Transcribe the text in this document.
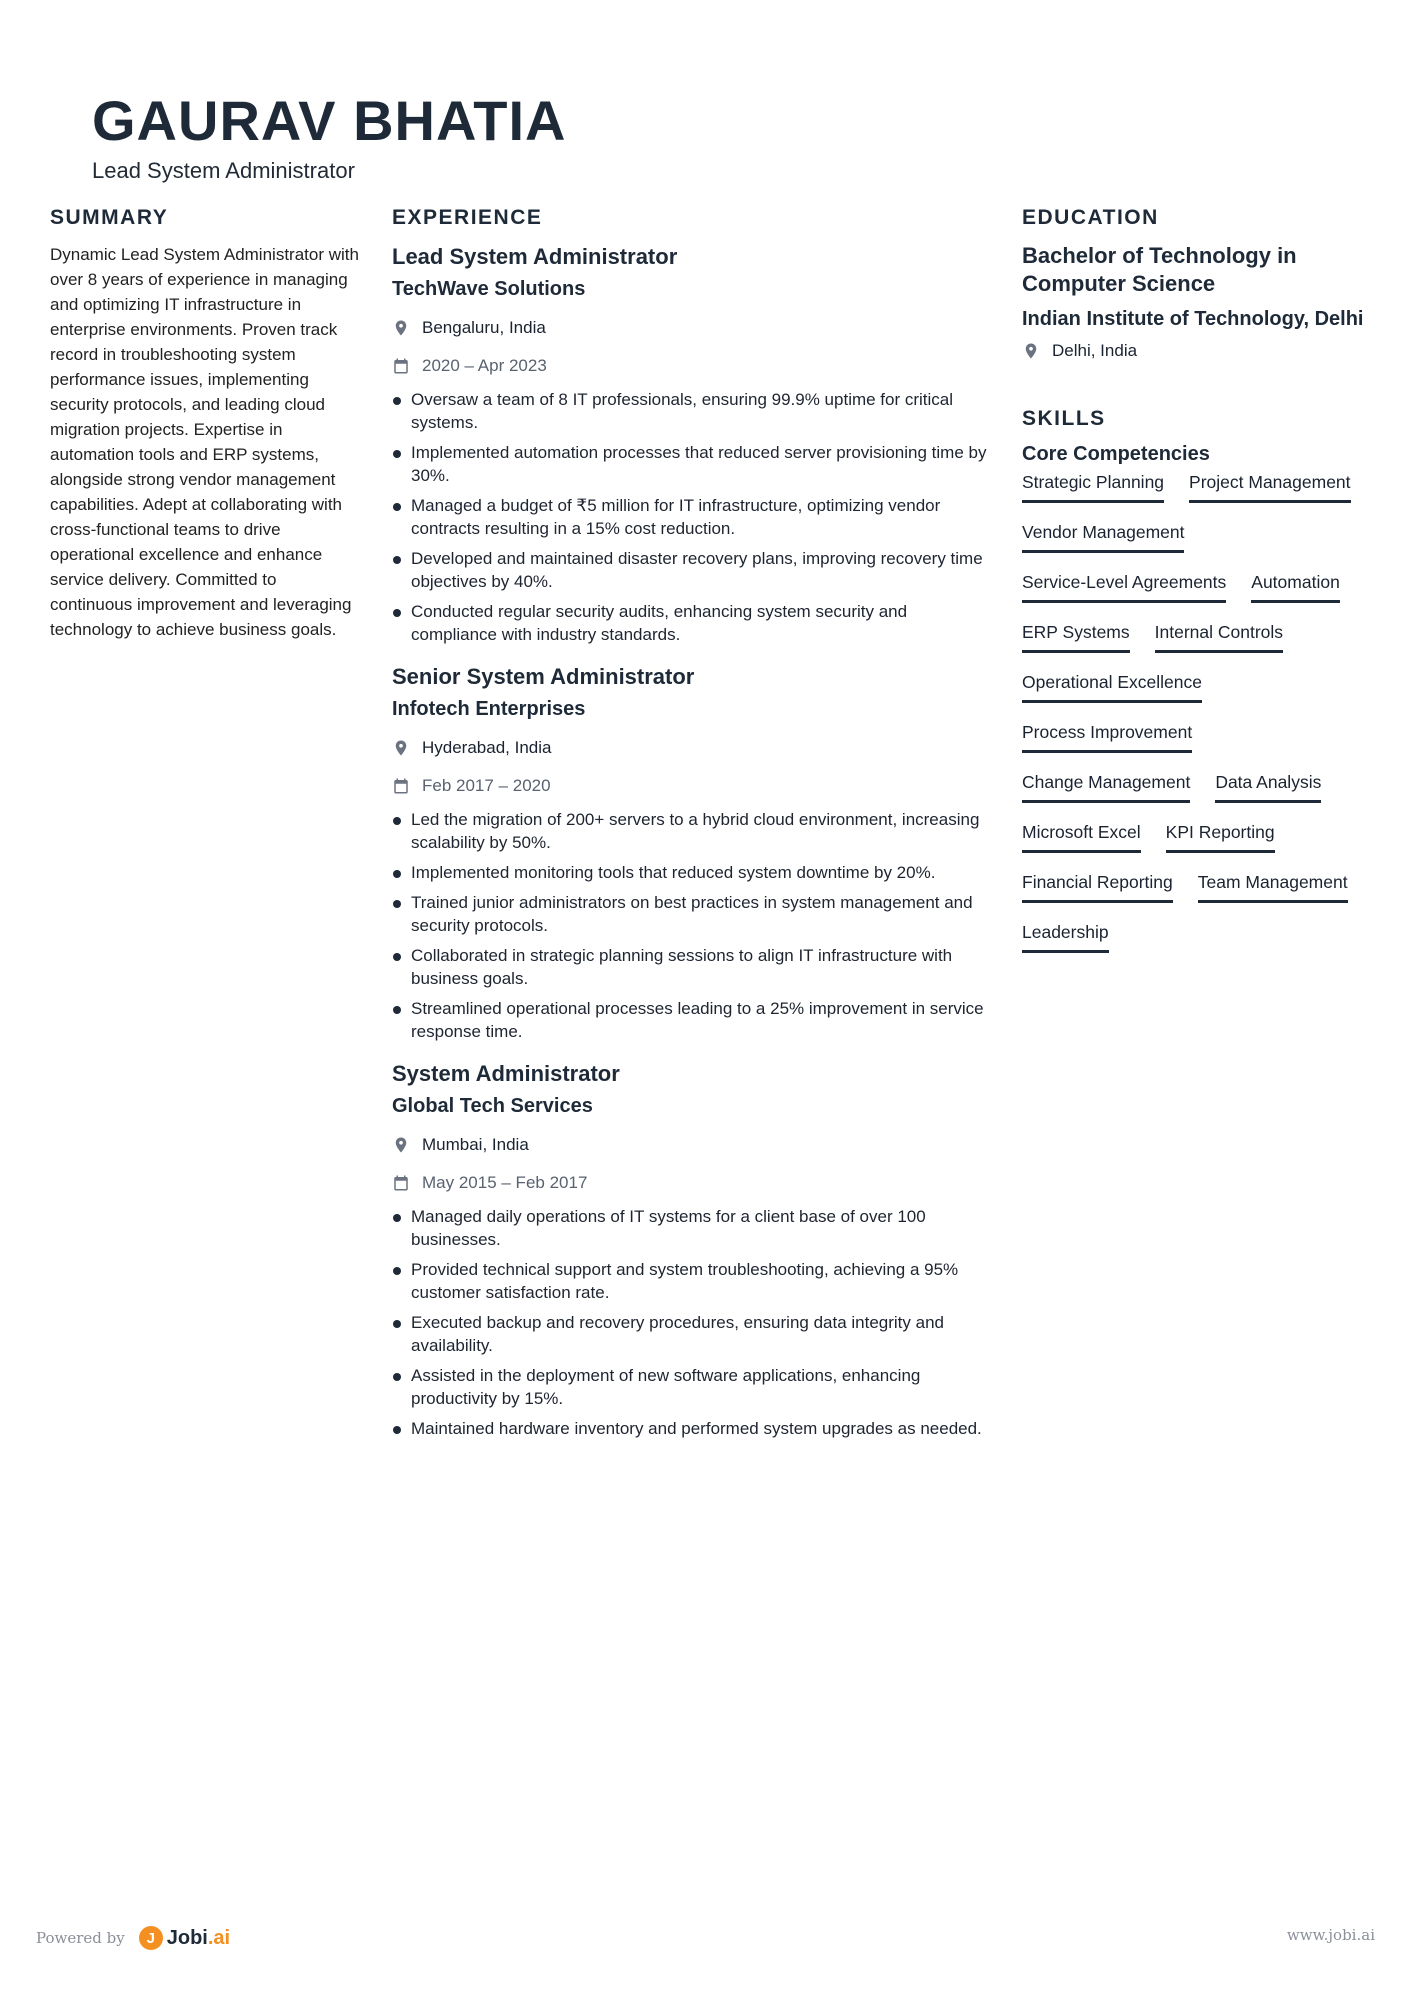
GAURAV BHATIA
Lead System Administrator
SUMMARY
Dynamic Lead System Administrator with over 8 years of experience in managing and optimizing IT infrastructure in enterprise environments. Proven track record in troubleshooting system performance issues, implementing security protocols, and leading cloud migration projects. Expertise in automation tools and ERP systems, alongside strong vendor management capabilities. Adept at collaborating with cross-functional teams to drive operational excellence and enhance service delivery. Committed to continuous improvement and leveraging technology to achieve business goals.
EXPERIENCE
Lead System Administrator
TechWave Solutions
Bengaluru, India
2020 – Apr 2023
Oversaw a team of 8 IT professionals, ensuring 99.9% uptime for critical systems.
Implemented automation processes that reduced server provisioning time by 30%.
Managed a budget of ₹5 million for IT infrastructure, optimizing vendor contracts resulting in a 15% cost reduction.
Developed and maintained disaster recovery plans, improving recovery time objectives by 40%.
Conducted regular security audits, enhancing system security and compliance with industry standards.
Senior System Administrator
Infotech Enterprises
Hyderabad, India
Feb 2017 – 2020
Led the migration of 200+ servers to a hybrid cloud environment, increasing scalability by 50%.
Implemented monitoring tools that reduced system downtime by 20%.
Trained junior administrators on best practices in system management and security protocols.
Collaborated in strategic planning sessions to align IT infrastructure with business goals.
Streamlined operational processes leading to a 25% improvement in service response time.
System Administrator
Global Tech Services
Mumbai, India
May 2015 – Feb 2017
Managed daily operations of IT systems for a client base of over 100 businesses.
Provided technical support and system troubleshooting, achieving a 95% customer satisfaction rate.
Executed backup and recovery procedures, ensuring data integrity and availability.
Assisted in the deployment of new software applications, enhancing productivity by 15%.
Maintained hardware inventory and performed system upgrades as needed.
EDUCATION
Bachelor of Technology in Computer Science
Indian Institute of Technology, Delhi
Delhi, India
SKILLS
Core Competencies
Strategic Planning Project Management
Vendor Management
Service-Level Agreements Automation
ERP Systems Internal Controls
Operational Excellence
Process Improvement
Change Management Data Analysis
Microsoft Excel KPI Reporting
Financial Reporting Team Management
Leadership
Powered by	J Jobi.ai	www.jobi.ai
